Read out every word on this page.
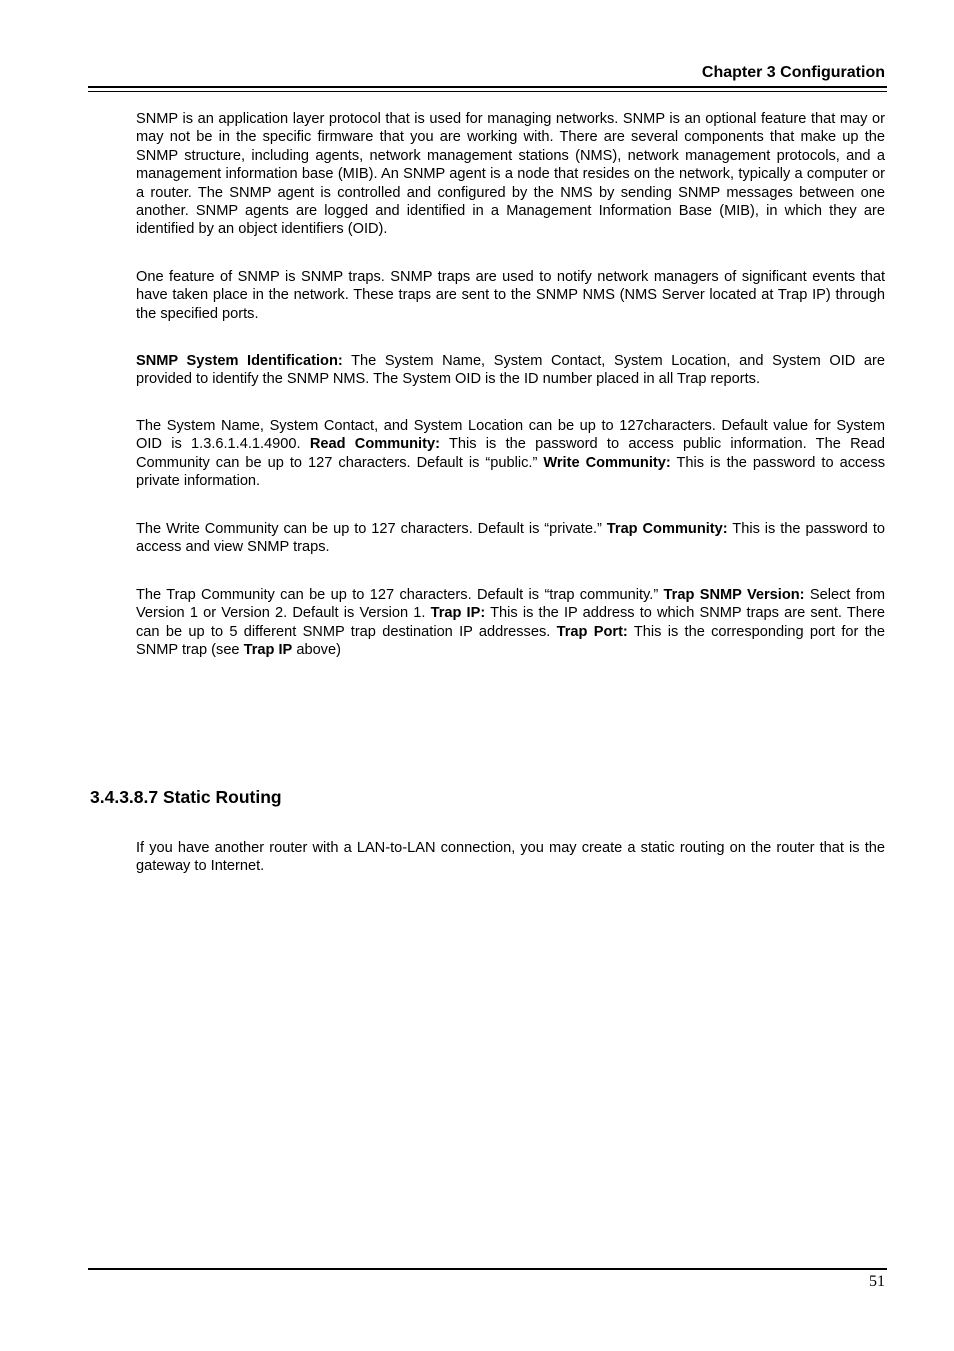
Chapter 3 Configuration

SNMP is an application layer protocol that is used for managing networks. SNMP is an optional feature that may or may not be in the specific firmware that you are working with. There are several components that make up the SNMP structure, including agents, network management stations (NMS), network management protocols, and a management information base (MIB). An SNMP agent is a node that resides on the network, typically a computer or a router. The SNMP agent is controlled and configured by the NMS by sending SNMP messages between one another. SNMP agents are logged and identified in a Management Information Base (MIB), in which they are identified by an object identifiers (OID).

One feature of SNMP is SNMP traps. SNMP traps are used to notify network managers of significant events that have taken place in the network. These traps are sent to the SNMP NMS (NMS Server located at Trap IP) through the specified ports.

SNMP System Identification: The System Name, System Contact, System Location, and System OID are provided to identify the SNMP NMS. The System OID is the ID number placed in all Trap reports.

The System Name, System Contact, and System Location can be up to 127characters. Default value for System OID is 1.3.6.1.4.1.4900. Read Community: This is the password to access public information. The Read Community can be up to 127 characters. Default is “public.” Write Community: This is the password to access private information.

The Write Community can be up to 127 characters. Default is “private.” Trap Community: This is the password to access and view SNMP traps.

The Trap Community can be up to 127 characters. Default is “trap community.” Trap SNMP Version: Select from Version 1 or Version 2. Default is Version 1. Trap IP: This is the IP address to which SNMP traps are sent. There can be up to 5 different SNMP trap destination IP addresses. Trap Port: This is the corresponding port for the SNMP trap (see Trap IP above)

3.4.3.8.7 Static Routing

If you have another router with a LAN-to-LAN connection, you may create a static routing on the router that is the gateway to Internet.

51
